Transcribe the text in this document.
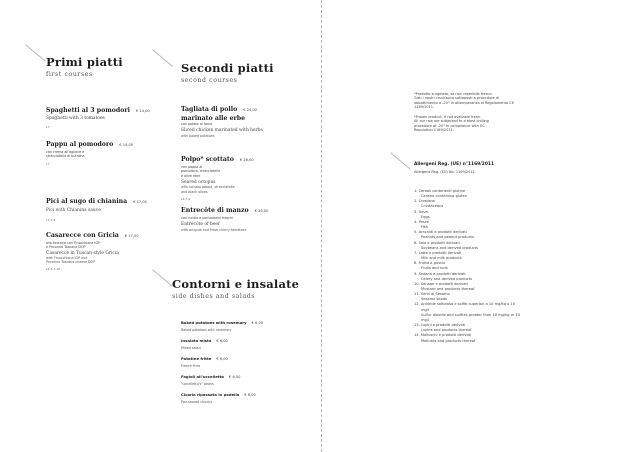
Primi piatti
first courses
Spaghetti al 3 pomodori € 14,00
Spaghetti with 3 tomatoes
L7
Pappu al pomodoro € 14,00
con crema all'aglione e
stracciatella di bufalina
L7
Pici al sugo di chianina € 17,00
Pici with Chianina sauce
L1,7,9
Casarecce con Gricia € 17,00
alla toscana con Finocchiona IGP
e Pecorino Toscano DOP
Casarecce in Tuscan-style Gricia
with Finocchiona IGP and
Pecorino Toscano cheese DOP
L1,3,7,10
Secondi piatti
second courses
Tagliata di pollo € 24,00
marinato alle erbe
con patate al forno
Sliced chicken marinated with herbs
with baked potatoes
Polpo* scottato € 26,00
con pappa al
pomodoro, stracciatella
e olive nere
Seared octopus
with tomato pappa, stracciatella
and black olives
L4,7,9
Entrecôte di manzo € 26,00
con rucola e pomodorini freschi
Entrecôte of beef
with arugula and fresh cherry tomatoes
Contorni e insalate
side dishes and salads
Baked potatoes with rosemary € 6,00
Baked potatoes with rosemary
Insalata mista € 6,00
Mixed salad
Patatine fritte € 6,00
French fries
Fagioli all'uccelletto € 6,00
"uccelletto's" beans
Cicoria ripassata in padella € 6,00
Pan-seared chicory
*Prodotto surgelato, se non reperibile fresco.
Tutti i nostri crudi sono sottoposti a procedure di
abbattimento a -20° in ottemperanza al Regolamento CE
1169/2011.
*Frozen product, if not available fresh.
All our raw are subjected to a blast chilling
procedure at -20° in compliance with EC
Regulation 1169/2011.
Allergeni Reg. (UE) n°1169/2011
Allergens Reg. (EU) No. 1169/2011
1. Cereali contenenti glutine
Cereals containing gluten
2. Crostacei
Crustaceans
3. Uova
Eggs
4. Pesce
Fish
5. Arachidi e prodotti derivati
Peanuts and peanut products
6. Soia e prodotti derivati
Soybeans and derived products
7. Latte e prodotti derivati
Milk and milk products
8. Frutta a guscio
Fruits and nuts
9. Sedano e prodotti derivati
Celery and derived products
10. Senape e prodotti derivati
Mustard and products thereof
11. Semi di Sesamo
Sesame seeds
12. Anidride solforosa e solfiti superiori a 10 mg/kg o 10
mg/l
Sulfur dioxide and sulfites greater than 10 mg/kg or 10
mg/l
13. Lupini e prodotti derivati
Lupins and products thereof
14. Molluschi e prodotti derivati
Mollusks and products thereof
